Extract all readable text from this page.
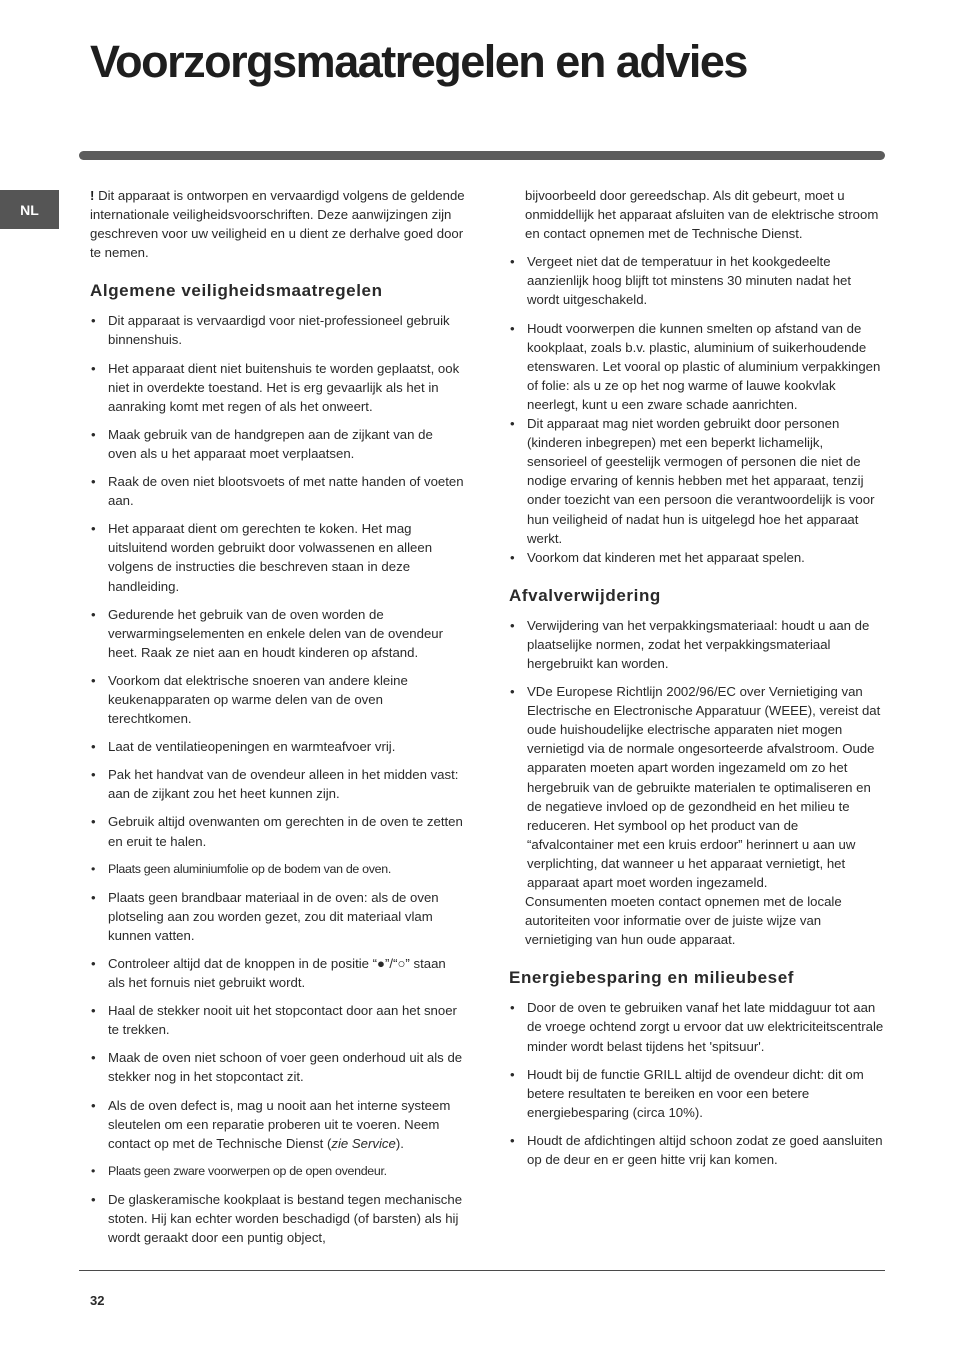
Voorzorgsmaatregelen en advies
NL

! Dit apparaat is ontworpen en vervaardigd volgens de geldende internationale veiligheidsvoorschriften. Deze aanwijzingen zijn geschreven voor uw veiligheid en u dient ze derhalve goed door te nemen.

Algemene veiligheidsmaatregelen
• Dit apparaat is vervaardigd voor niet-professioneel gebruik binnenshuis.
• Het apparaat dient niet buitenshuis te worden geplaatst, ook niet in overdekte toestand. Het is erg gevaarlijk als het in aanraking komt met regen of als het onweert.
• Maak gebruik van de handgrepen aan de zijkant van de oven als u het apparaat moet verplaatsen.
• Raak de oven niet blootsvoets of met natte handen of voeten aan.
• Het apparaat dient om gerechten te koken. Het mag uitsluitend worden gebruikt door volwassenen en alleen volgens de instructies die beschreven staan in deze handleiding.
• Gedurende het gebruik van de oven worden de verwarmingselementen en enkele delen van de ovendeur heet. Raak ze niet aan en houdt kinderen op afstand.
• Voorkom dat elektrische snoeren van andere kleine keukenapparaten op warme delen van de oven terechtkomen.
• Laat de ventilatieopeningen en warmteafvoer vrij.
• Pak het handvat van de ovendeur alleen in het midden vast: aan de zijkant zou het heet kunnen zijn.
• Gebruik altijd ovenwanten om gerechten in de oven te zetten en eruit te halen.
• Plaats geen aluminiumfolie op de bodem van de oven.
• Plaats geen brandbaar materiaal in de oven: als de oven plotseling aan zou worden gezet, zou dit materiaal vlam kunnen vatten.
• Controleer altijd dat de knoppen in de positie “●”/“○” staan als het fornuis niet gebruikt wordt.
• Haal de stekker nooit uit het stopcontact door aan het snoer te trekken.
• Maak de oven niet schoon of voer geen onderhoud uit als de stekker nog in het stopcontact zit.
• Als de oven defect is, mag u nooit aan het interne systeem sleutelen om een reparatie proberen uit te voeren. Neem contact op met de Technische Dienst (zie Service).
• Plaats geen zware voorwerpen op de open ovendeur.
• De glaskeramische kookplaat is bestand tegen mechanische stoten. Hij kan echter worden beschadigd (of barsten) als hij wordt geraakt door een puntig object,

bijvoorbeeld door gereedschap. Als dit gebeurt, moet u onmiddellijk het apparaat afsluiten van de elektrische stroom en contact opnemen met de Technische Dienst.

• Vergeet niet dat de temperatuur in het kookgedeelte aanzienlijk hoog blijft tot minstens 30 minuten nadat het wordt uitgeschakeld.
• Houdt voorwerpen die kunnen smelten op afstand van de kookplaat, zoals b.v. plastic, aluminium of suikerhoudende etenswaren. Let vooral op plastic of aluminium verpakkingen of folie: als u ze op het nog warme of lauwe kookvlak neerlegt, kunt u een zware schade aanrichten.
• Dit apparaat mag niet worden gebruikt door personen (kinderen inbegrepen) met een beperkt lichamelijk, sensorieel of geestelijk vermogen of personen die niet de nodige ervaring of kennis hebben met het apparaat, tenzij onder toezicht van een persoon die verantwoordelijk is voor hun veiligheid of nadat hun is uitgelegd hoe het apparaat werkt.
• Voorkom dat kinderen met het apparaat spelen.
Afvalverwijdering
• Verwijdering van het verpakkingsmateriaal: houdt u aan de plaatselijke normen, zodat het verpakkingsmateriaal hergebruikt kan worden.
• VDe Europese Richtlijn 2002/96/EC over Vernietiging van Electrische en Electronische Apparatuur (WEEE), vereist dat oude huishoudelijke electrische apparaten niet mogen vernietigd via de normale ongesorteerde afvalstroom. Oude apparaten moeten apart worden ingezameld om zo het hergebruik van de gebruikte materialen te optimaliseren en de negatieve invloed op de gezondheid en het milieu te reduceren. Het symbool op het product van de “afvalcontainer met een kruis erdoor” herinnert u aan uw verplichting, dat wanneer u het apparaat vernietigt, het apparaat apart moet worden ingezameld.

Consumenten moeten contact opnemen met de locale autoriteiten voor informatie over de juiste wijze van vernietiging van hun oude apparaat.

Energiebesparing en milieubesef
• Door de oven te gebruiken vanaf het late middaguur tot aan de vroege ochtend zorgt u ervoor dat uw elektriciteitscentrale minder wordt belast tijdens het 'spitsuur'.
• Houdt bij de functie GRILL altijd de ovendeur dicht: dit om betere resultaten te bereiken en voor een betere energiebesparing (circa 10%).
• Houdt de afdichtingen altijd schoon zodat ze goed aansluiten op de deur en er geen hitte vrij kan komen.
32
